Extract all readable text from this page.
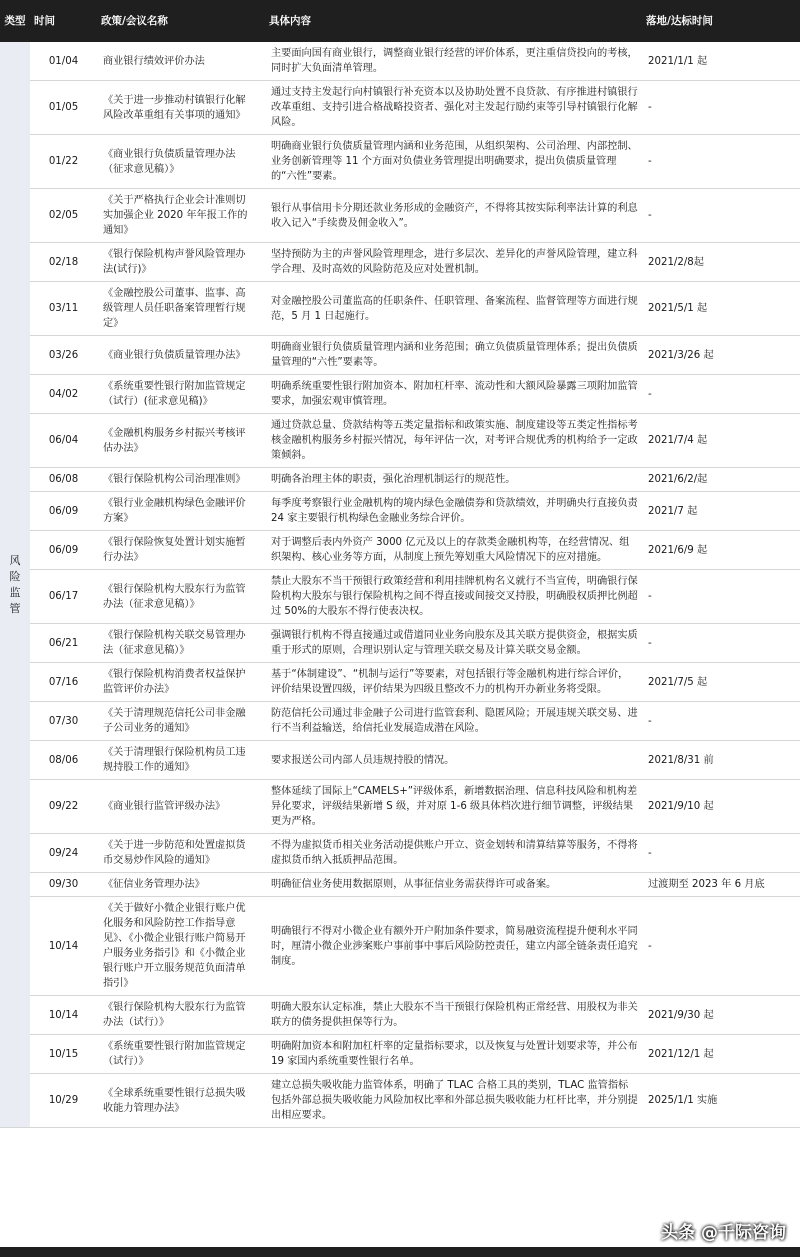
类型	时间	政策/会议名称	具体内容	落地/达标时间
风险监管	01/04	商业银行绩效评价办法	主要面向国有商业银行，调整商业银行经营的评价体系，更注重信贷投向的考核，同时扩大负面清单管理。	2021/1/1 起
	01/05	《关于进一步推动村镇银行化解风险改革重组有关事项的通知》	通过支持主发起行向村镇银行补充资本以及协助处置不良贷款、有序推进村镇银行改革重组、支持引进合格战略投资者、强化对主发起行励约束等引导村镇银行化解风险。	-
	01/22	《商业银行负债质量管理办法（征求意见稿）》	明确商业银行负债质量管理内涵和业务范围，从组织架构、公司治理、内部控制、业务创新管理等 11 个方面对负债业务管理提出明确要求，提出负债质量管理的“六性”要素。	-
	02/05	《关于严格执行企业会计准则切实加强企业 2020 年年报工作的通知》	银行从事信用卡分期还款业务形成的金融资产，不得将其按实际利率法计算的利息收入记入“手续费及佣金收入”。	-
	02/18	《银行保险机构声誉风险管理办法(试行)》	坚持预防为主的声誉风险管理理念，进行多层次、差异化的声誉风险管理，建立科学合理、及时高效的风险防范及应对处置机制。	2021/2/8起
	03/11	《金融控股公司董事、监事、高级管理人员任职备案管理暂行规定》	对金融控股公司董监高的任职条件、任职管理、备案流程、监督管理等方面进行规范，5 月 1 日起施行。	2021/5/1 起
	03/26	《商业银行负债质量管理办法》	明确商业银行负债质量管理内涵和业务范围；确立负债质量管理体系；提出负债质量管理的“六性”要素等。	2021/3/26 起
	04/02	《系统重要性银行附加监管规定（试行）(征求意见稿)》	明确系统重要性银行附加资本、附加杠杆率、流动性和大额风险暴露三项附加监管要求，加强宏观审慎管理。	-
	06/04	《金融机构服务乡村振兴考核评估办法》	通过贷款总量、贷款结构等五类定量指标和政策实施、制度建设等五类定性指标考核金融机构服务乡村振兴情况，每年评估一次，对考评合规优秀的机构给予一定政策倾斜。	2021/7/4 起
	06/08	《银行保险机构公司治理准则》	明确各治理主体的职责，强化治理机制运行的规范性。	2021/6/2/起
	06/09	《银行业金融机构绿色金融评价方案》	每季度考察银行业金融机构的境内绿色金融债券和贷款绩效，并明确央行直接负责 24 家主要银行机构绿色金融业务综合评价。	2021/7 起
	06/09	《银行保险恢复处置计划实施暂行办法》	对于调整后表内外资产 3000 亿元及以上的存款类金融机构等，在经营情况、组织架构、核心业务等方面，从制度上预先筹划重大风险情况下的应对措施。	2021/6/9 起
	06/17	《银行保险机构大股东行为监管办法（征求意见稿）》	禁止大股东不当干预银行政策经营和利用挂牌机构名义就行不当宣传，明确银行保险机构大股东与银行保险机构之间不得直接或间接交叉持股，明确股权质押比例超过 50%的大股东不得行使表决权。	-
	06/21	《银行保险机构关联交易管理办法（征求意见稿）》	强调银行机构不得直接通过或借道同业业务向股东及其关联方提供资金，根据实质重于形式的原则，合理识别认定与管理关联交易及计算关联交易金额。	-
	07/16	《银行保险机构消费者权益保护监管评价办法》	基于“体制建设”、“机制与运行”等要素，对包括银行等金融机构进行综合评价，评价结果设置四级，评价结果为四级且整改不力的机构开办新业务将受限。	2021/7/5 起
	07/30	《关于清理规范信托公司非金融子公司业务的通知》	防范信托公司通过非金融子公司进行监管套利、隐匿风险；开展违规关联交易、进行不当利益输送，给信托业发展造成潜在风险。	-
	08/06	《关于清理银行保险机构员工违规持股工作的通知》	要求报送公司内部人员违规持股的情况。	2021/8/31 前
	09/22	《商业银行监管评级办法》	整体延续了国际上“CAMELS+”评级体系，新增数据治理、信息科技风险和机构差异化要求，评级结果新增 S 级，并对原 1-6 级具体档次进行细节调整，评级结果更为严格。	2021/9/10 起
	09/24	《关于进一步防范和处置虚拟货币交易炒作风险的通知》	不得为虚拟货币相关业务活动提供账户开立、资金划转和清算结算等服务，不得将虚拟货币纳入抵质押品范围。	-
	09/30	《征信业务管理办法》	明确征信业务使用数据原则，从事征信业务需获得许可或备案。	过渡期至 2023 年 6 月底
	10/14	《关于做好小微企业银行账户优化服务和风险防控工作指导意见》、《小微企业银行账户简易开户服务业务指引》和《小微企业银行账户开立服务规范负面清单指引》	明确银行不得对小微企业有额外开户附加条件要求，简易融资流程提升便利水平同时，厘清小微企业涉案账户事前事中事后风险防控责任，建立内部全链条责任追究制度。	-
	10/14	《银行保险机构大股东行为监管办法（试行）》	明确大股东认定标准，禁止大股东不当干预银行保险机构正常经营、用股权为非关联方的债务提供担保等行为。	2021/9/30 起
	10/15	《系统重要性银行附加监管规定（试行）》	明确附加资本和附加杠杆率的定量指标要求，以及恢复与处置计划要求等，并公布 19 家国内系统重要性银行名单。	2021/12/1 起
	10/29	《全球系统重要性银行总损失吸收能力管理办法》	建立总损失吸收能力监管体系，明确了 TLAC 合格工具的类别，TLAC 监管指标包括外部总损失吸收能力风险加权比率和外部总损失吸收能力杠杆比率，并分别提出相应要求。	2025/1/1 实施
头条 @千际咨询
